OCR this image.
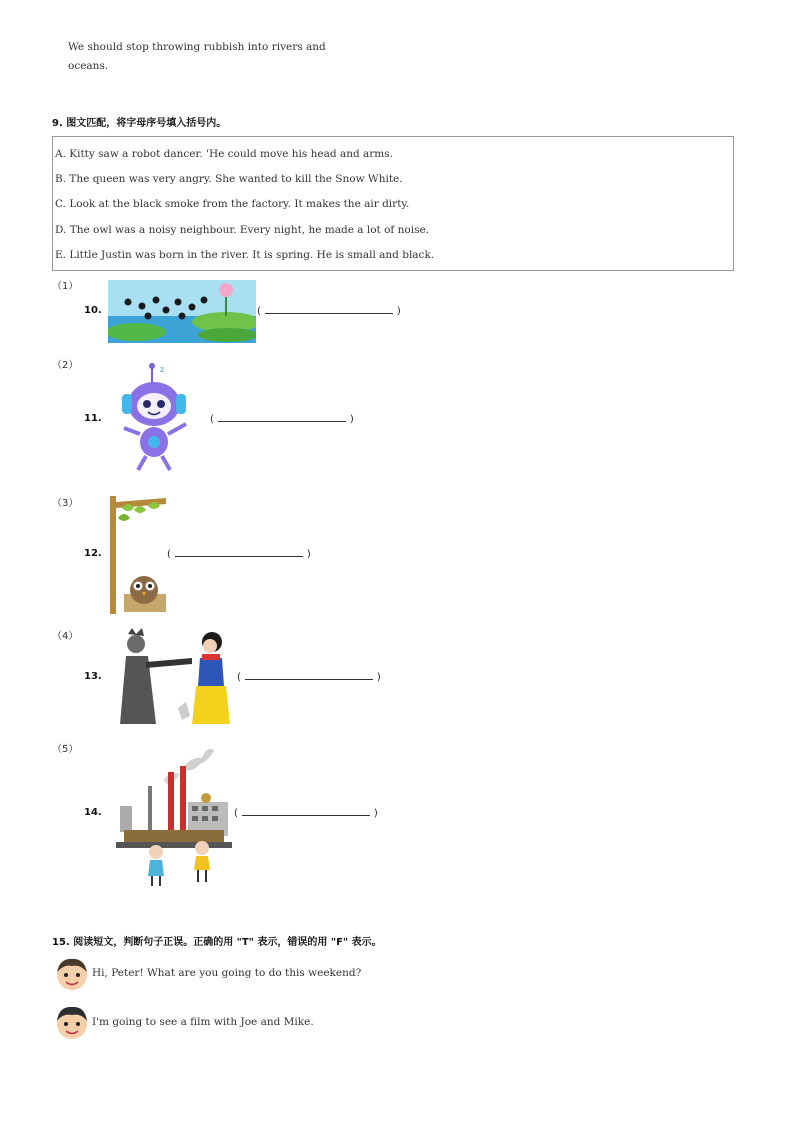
We should stop throwing rubbish into rivers and
oceans.
9. 图文匹配，将字母序号填入括号内。
A. Kitty saw a robot dancer. 'He could move his head and arms.
B. The queen was very angry. She wanted to kill the Snow White.
C. Look at the black smoke from the factory. It makes the air dirty.
D. The owl was a noisy neighbour. Every night, he made a lot of noise.
E. Little Justin was born in the river. It is spring. He is small and black.
（1）
10.	(	)
（2）
11.
z
(	)
（3）
12.	(	)
（4）
13.	(	)
（5）
14.	(	)
15. 阅读短文，判断句子正误。正确的用 "T" 表示，错误的用 "F" 表示。
Hi, Peter! What are you going to do this weekend?
I'm going to see a film with Joe and Mike.
